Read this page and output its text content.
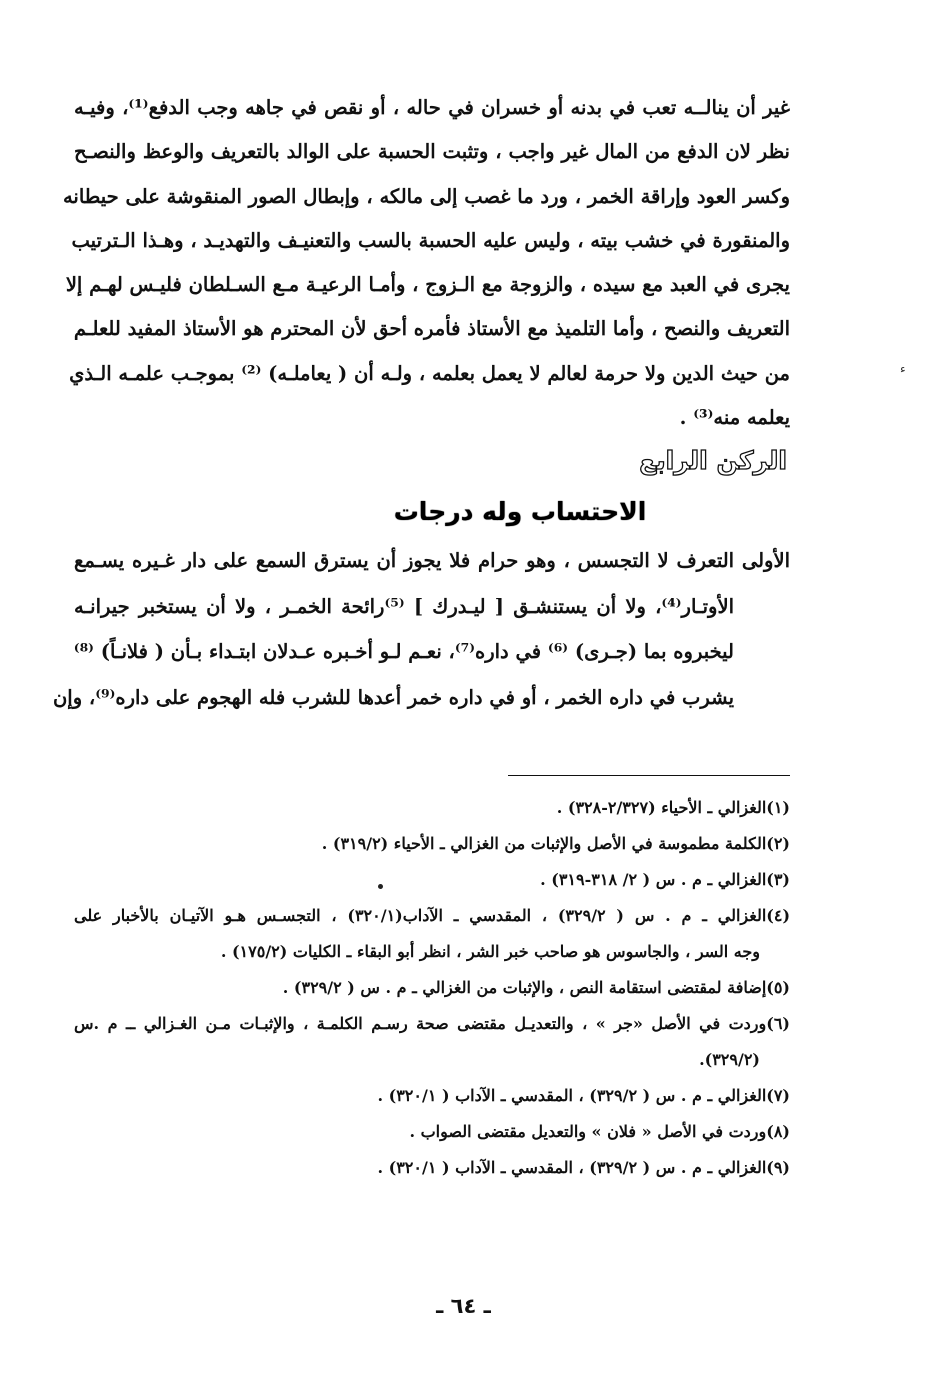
غير أن ينالــه تعب في بدنه أو خسران في حاله ، أو نقص في جاهه وجب الدفع⁽¹⁾، وفيـه
نظر لان الدفع من المال غير واجب ، وتثبت الحسبة على الوالد بالتعريف والوعظ والنصـح
وكسر العود وإراقة الخمر ، ورد ما غصب إلى مالكه ، وإبطال الصور المنقوشة على حيطانه
والمنقورة في خشب بيته ، وليس عليه الحسبة بالسب والتعنيـف والتهديـد ، وهـذا الـترتيب
يجرى في العبد مع سيده ، والزوجة مع الـزوج ، وأمـا الرعيـة مـع السـلطان فليـس لهـم إلا
التعريف والنصح ، وأما التلميذ مع الأستاذ فأمره أحق لأن المحترم هو الأستاذ المفيد للعلـم
من حيث الدين ولا حرمة لعالم لا يعمل بعلمه ، ولـه أن ( يعاملـه) ⁽²⁾ بموجـب علمـه الـذي
يعلمه منه⁽³⁾ .
ء
الركن الرابع
الاحتساب وله درجات
الأولى التعرف لا التجسس ، وهو حرام فلا يجوز أن يسترق السمع على دار غـيره يسـمع
الأوتـار⁽⁴⁾، ولا أن يستنشـق [ ليـدرك ] ⁽⁵⁾رائحة الخمـر ، ولا أن يستخبر جيرانـه
ليخبروه بما (جـرى) ⁽⁶⁾ في داره⁽⁷⁾، نعـم لـو أخـبره عـدلان ابتـداء بـأن ( فلانـاً) ⁽⁸⁾
يشرب في داره الخمر ، أو في داره خمر أعدها للشرب فله الهجوم على داره⁽⁹⁾، وإن
(١)الغزالي ـ الأحياء (٢/٣٢٧-٣٢٨) .
(٢)الكلمة مطموسة في الأصل والإثبات من الغزالي ـ الأحياء (٣١٩/٢) .
(٣)الغزالي ـ م . س ( ٢/ ٣١٨-٣١٩) .
(٤)الغزالي ـ م . س ( ٣٢٩/٢) ، المقدسي ـ الآداب(٣٢٠/١) ، التجسـس هـو الآتيـان بالأخبار على
وجه السر ، والجاسوس هو صاحب خبر الشر ، انظر أبو البقاء ـ الكليات (١٧٥/٢) .
(٥)إضافة لمقتضى استقامة النص ، والإثبات من الغزالي ـ م . س ( ٣٢٩/٢) .
(٦)وردت في الأصل «جر » ، والتعديـل مقتضى صحة رسـم الكلمـة ، والإثبـات مـن الغـزالي ــ م .س
(٣٢٩/٢).
(٧)الغزالي ـ م . س ( ٣٢٩/٢) ، المقدسي ـ الآداب ( ٣٢٠/١) .
(٨)وردت في الأصل « فلان » والتعديل مقتضى الصواب .
(٩)الغزالي ـ م . س ( ٣٢٩/٢) ، المقدسي ـ الآداب ( ٣٢٠/١) .
ـ ٦٤ ـ
